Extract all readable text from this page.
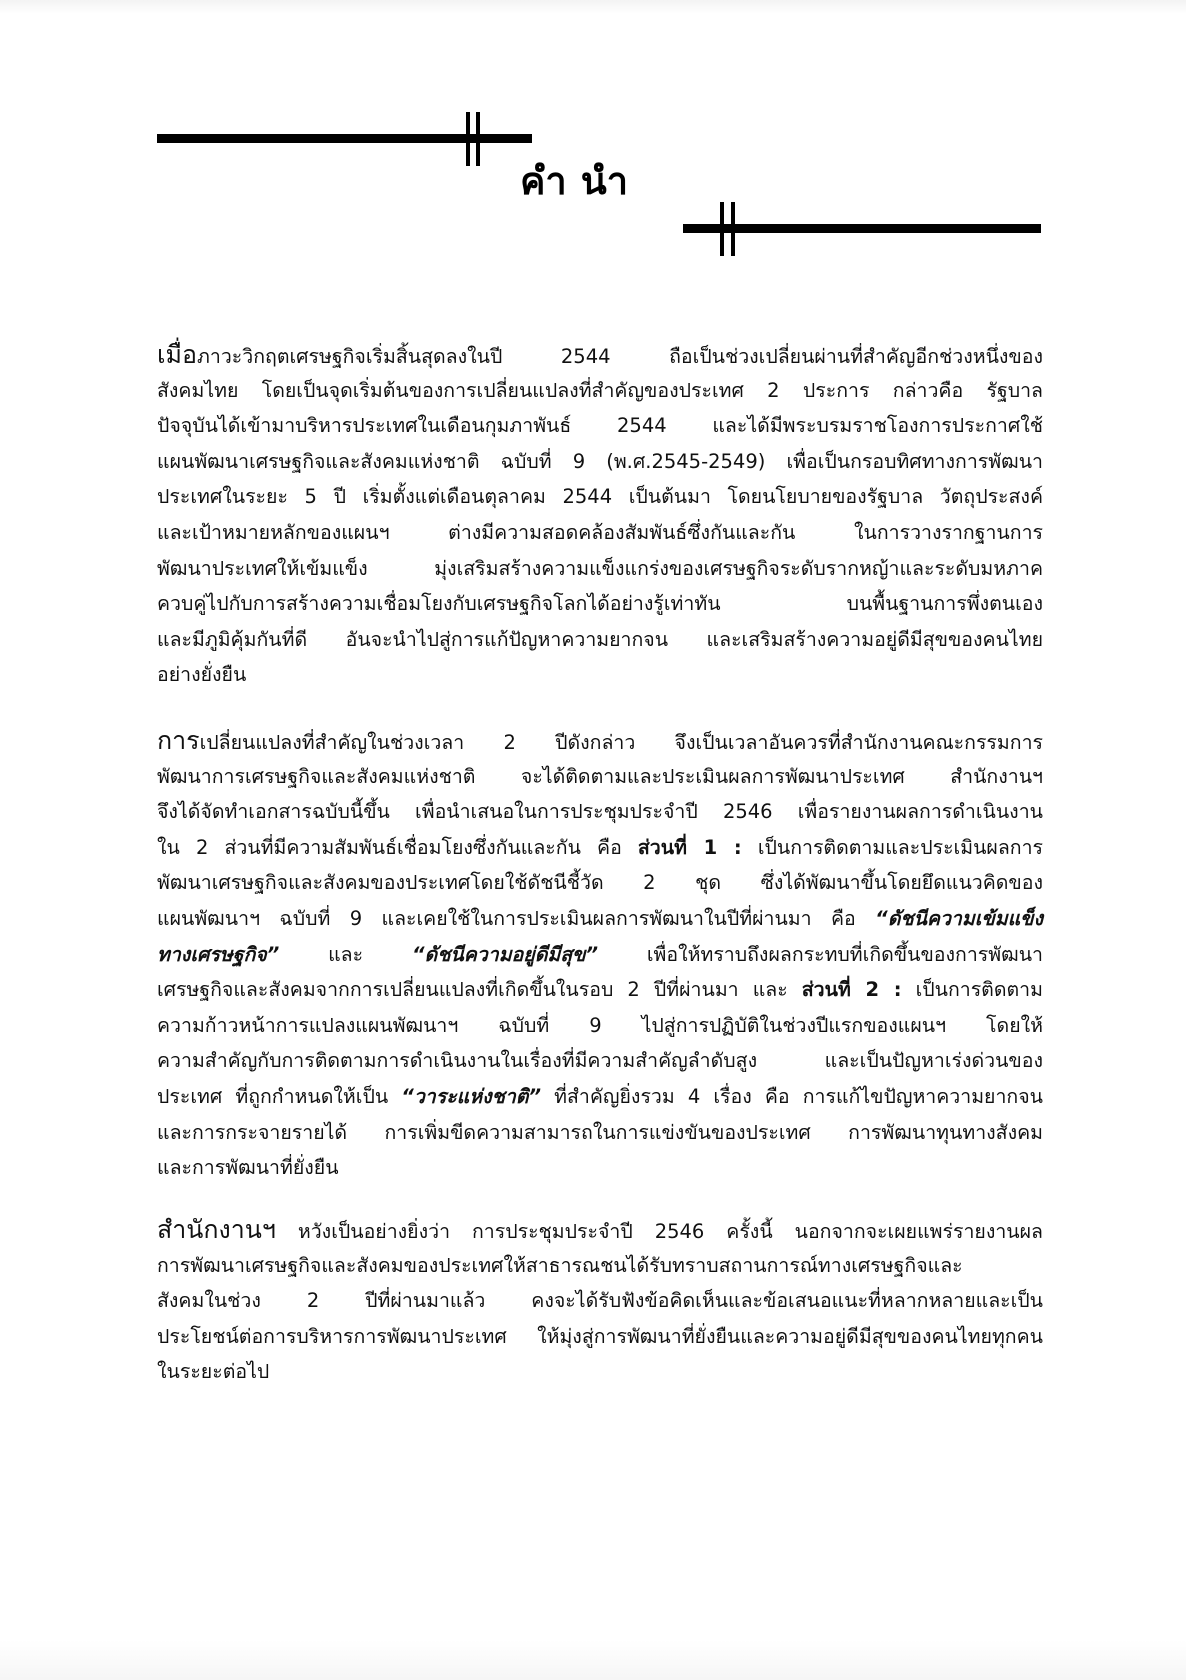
คำนำ
เมื่อภาวะวิกฤตเศรษฐกิจเริ่มสิ้นสุดลงในปี 2544 ถือเป็นช่วงเปลี่ยนผ่านที่สำคัญอีกช่วงหนึ่งของ
สังคมไทย โดยเป็นจุดเริ่มต้นของการเปลี่ยนแปลงที่สำคัญของประเทศ 2 ประการ กล่าวคือ รัฐบาล
ปัจจุบันได้เข้ามาบริหารประเทศในเดือนกุมภาพันธ์ 2544 และได้มีพระบรมราชโองการประกาศใช้
แผนพัฒนาเศรษฐกิจและสังคมแห่งชาติ ฉบับที่ 9 (พ.ศ.2545-2549) เพื่อเป็นกรอบทิศทางการพัฒนา
ประเทศในระยะ 5 ปี เริ่มตั้งแต่เดือนตุลาคม 2544 เป็นต้นมา โดยนโยบายของรัฐบาล วัตถุประสงค์
และเป้าหมายหลักของแผนฯ ต่างมีความสอดคล้องสัมพันธ์ซึ่งกันและกัน ในการวางรากฐานการ
พัฒนาประเทศให้เข้มแข็ง มุ่งเสริมสร้างความแข็งแกร่งของเศรษฐกิจระดับรากหญ้าและระดับมหภาค
ควบคู่ไปกับการสร้างความเชื่อมโยงกับเศรษฐกิจโลกได้อย่างรู้เท่าทัน บนพื้นฐานการพึ่งตนเอง
และมีภูมิคุ้มกันที่ดี อันจะนำไปสู่การแก้ปัญหาความยากจน และเสริมสร้างความอยู่ดีมีสุขของคนไทย
อย่างยั่งยืน
การเปลี่ยนแปลงที่สำคัญในช่วงเวลา 2 ปีดังกล่าว จึงเป็นเวลาอันควรที่สำนักงานคณะกรรมการ
พัฒนาการเศรษฐกิจและสังคมแห่งชาติ จะได้ติดตามและประเมินผลการพัฒนาประเทศ สำนักงานฯ
จึงได้จัดทำเอกสารฉบับนี้ขึ้น เพื่อนำเสนอในการประชุมประจำปี 2546 เพื่อรายงานผลการดำเนินงาน
ใน 2 ส่วนที่มีความสัมพันธ์เชื่อมโยงซึ่งกันและกัน คือ ส่วนที่ 1 : เป็นการติดตามและประเมินผลการ
พัฒนาเศรษฐกิจและสังคมของประเทศโดยใช้ดัชนีชี้วัด 2 ชุด ซึ่งได้พัฒนาขึ้นโดยยึดแนวคิดของ
แผนพัฒนาฯ ฉบับที่ 9 และเคยใช้ในการประเมินผลการพัฒนาในปีที่ผ่านมา คือ “ดัชนีความเข้มแข็ง
ทางเศรษฐกิจ” และ “ดัชนีความอยู่ดีมีสุข” เพื่อให้ทราบถึงผลกระทบที่เกิดขึ้นของการพัฒนา
เศรษฐกิจและสังคมจากการเปลี่ยนแปลงที่เกิดขึ้นในรอบ 2 ปีที่ผ่านมา และ ส่วนที่ 2 : เป็นการติดตาม
ความก้าวหน้าการแปลงแผนพัฒนาฯ ฉบับที่ 9 ไปสู่การปฏิบัติในช่วงปีแรกของแผนฯ โดยให้
ความสำคัญกับการติดตามการดำเนินงานในเรื่องที่มีความสำคัญลำดับสูง และเป็นปัญหาเร่งด่วนของ
ประเทศ ที่ถูกกำหนดให้เป็น “วาระแห่งชาติ” ที่สำคัญยิ่งรวม 4 เรื่อง คือ การแก้ไขปัญหาความยากจน
และการกระจายรายได้ การเพิ่มขีดความสามารถในการแข่งขันของประเทศ การพัฒนาทุนทางสังคม
และการพัฒนาที่ยั่งยืน
สำนักงานฯ หวังเป็นอย่างยิ่งว่า การประชุมประจำปี 2546 ครั้งนี้ นอกจากจะเผยแพร่รายงานผล
การพัฒนาเศรษฐกิจและสังคมของประเทศให้สาธารณชนได้รับทราบสถานการณ์ทางเศรษฐกิจและ
สังคมในช่วง 2 ปีที่ผ่านมาแล้ว คงจะได้รับฟังข้อคิดเห็นและข้อเสนอแนะที่หลากหลายและเป็น
ประโยชน์ต่อการบริหารการพัฒนาประเทศ ให้มุ่งสู่การพัฒนาที่ยั่งยืนและความอยู่ดีมีสุขของคนไทยทุกคน
ในระยะต่อไป
